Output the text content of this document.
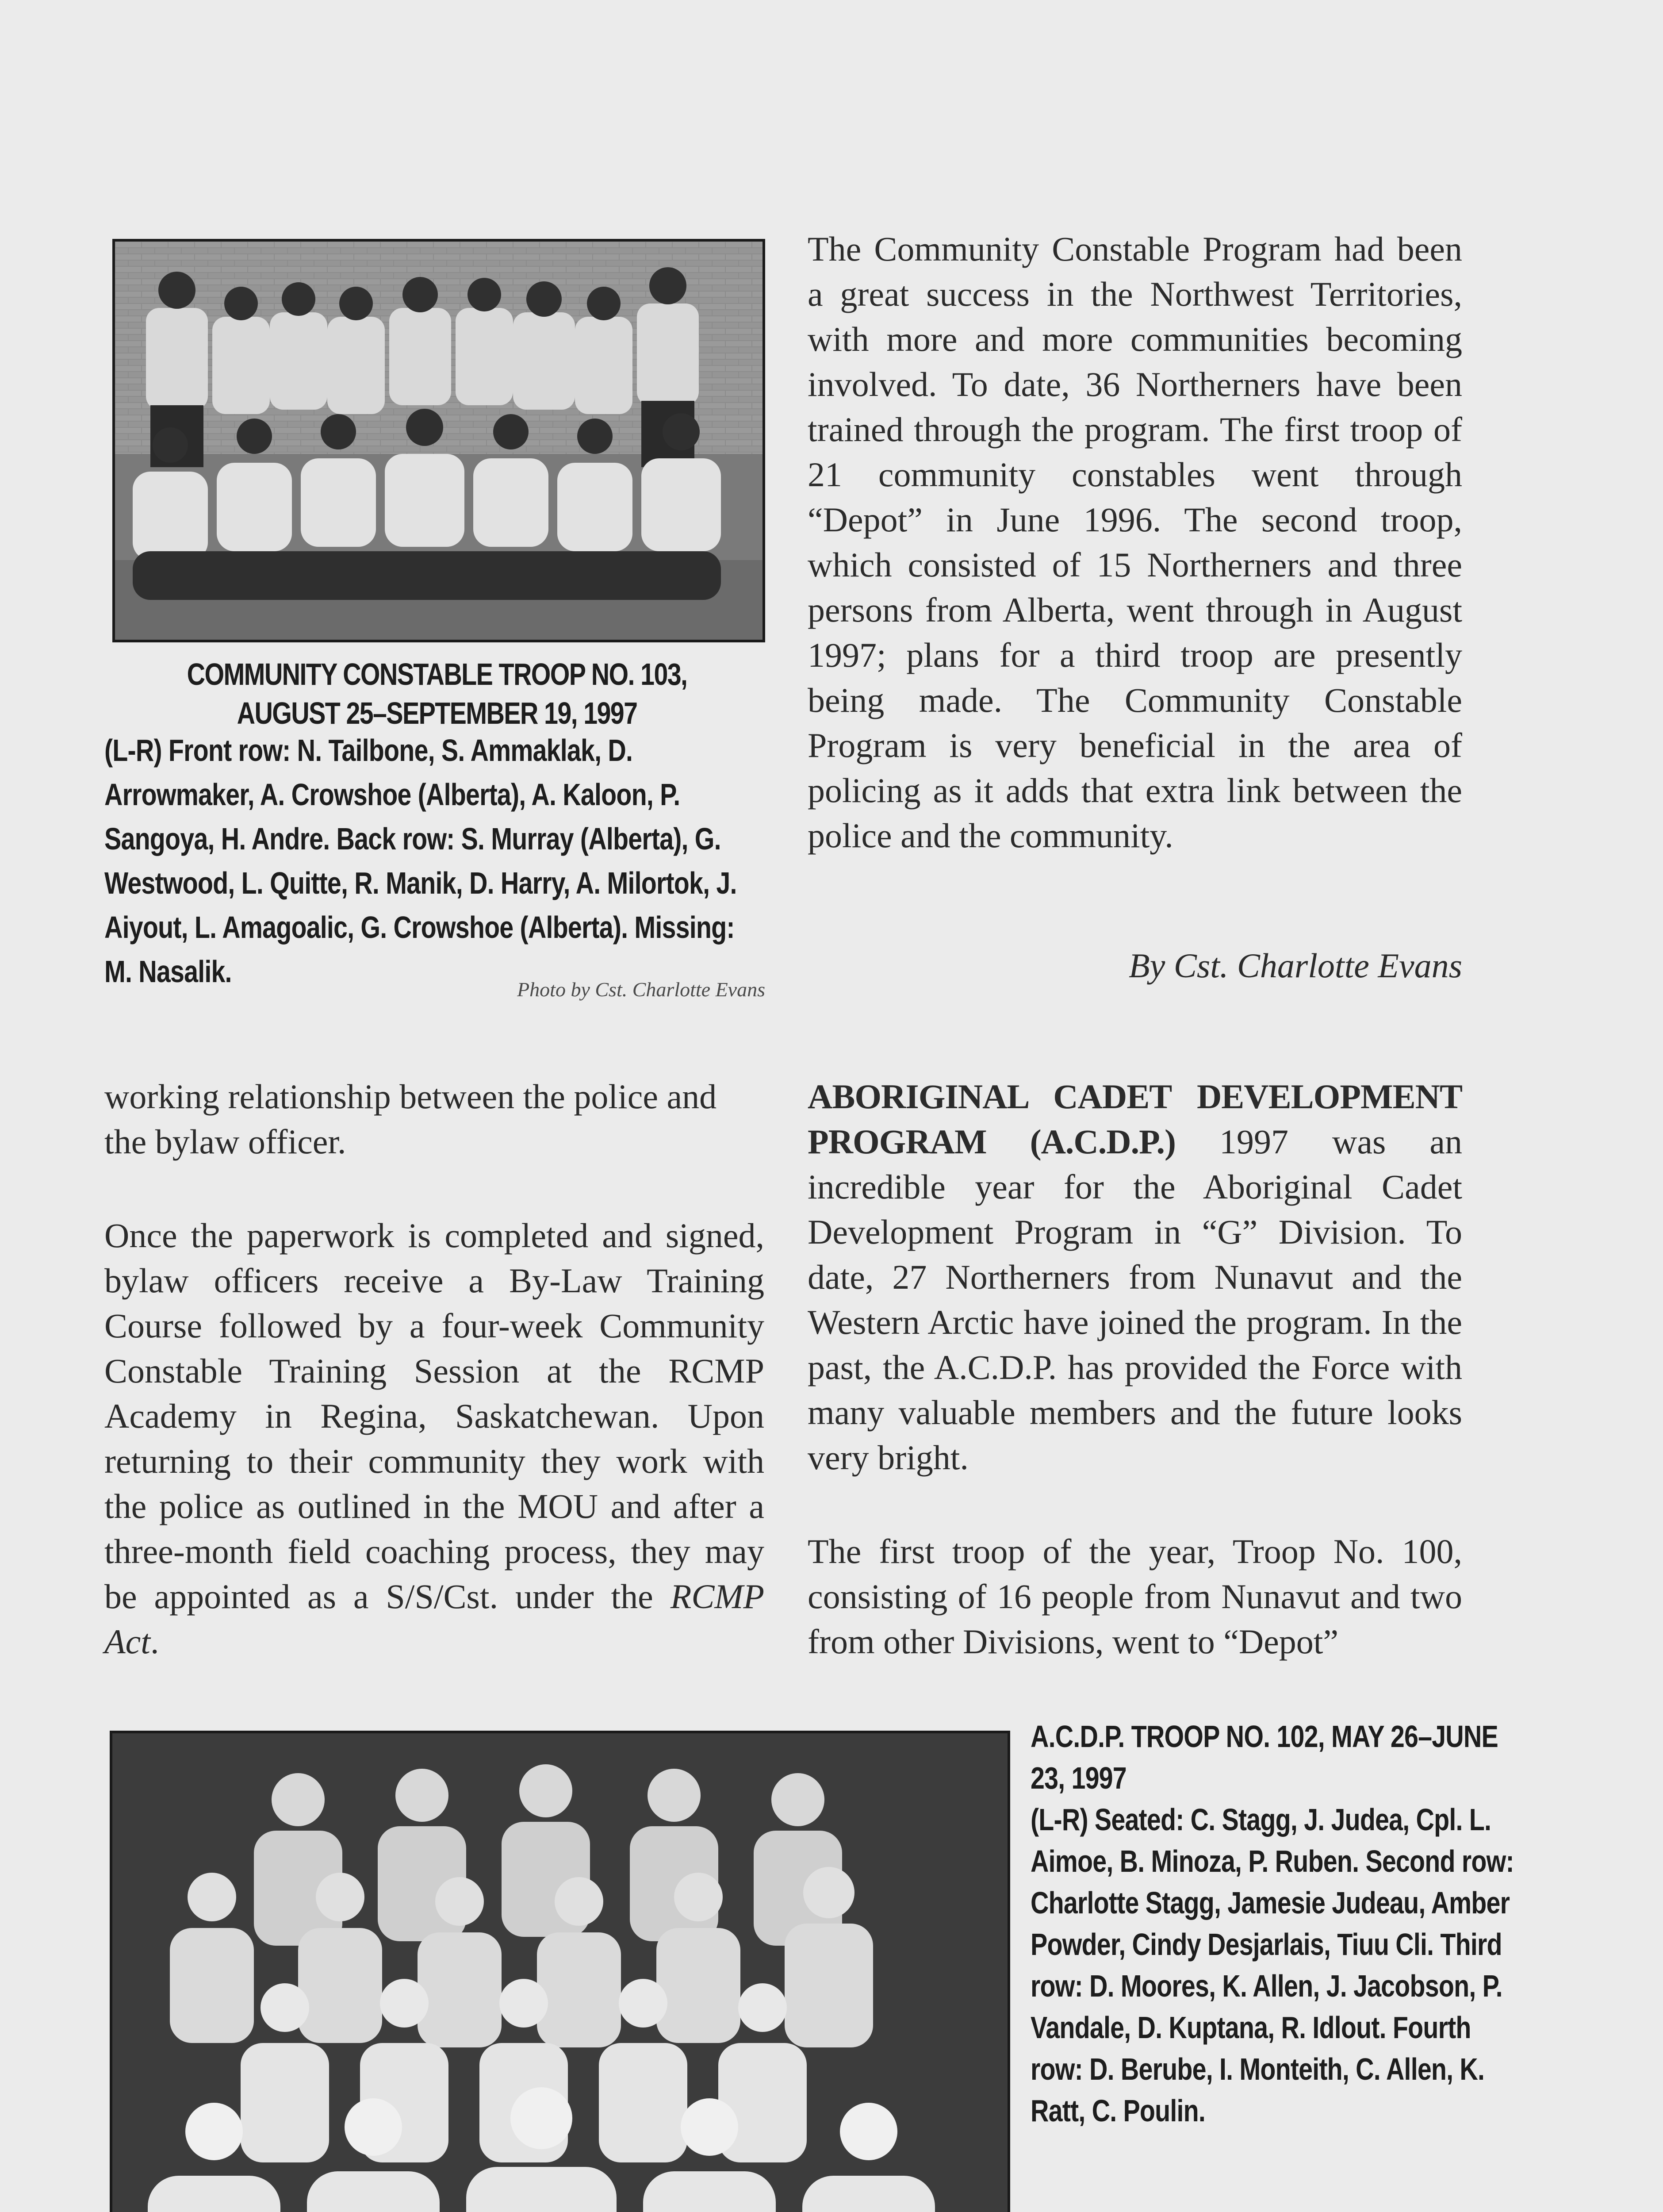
COMMUNITY CONSTABLE TROOP NO. 103, AUGUST 25–SEPTEMBER 19, 1997
(L-R) Front row: N. Tailbone, S. Ammaklak, D. Arrowmaker, A. Crowshoe (Alberta), A. Kaloon, P. Sangoya, H. Andre. Back row: S. Murray (Alberta), G. Westwood, L. Quitte, R. Manik, D. Harry, A. Milortok, J. Aiyout, L. Amagoalic, G. Crowshoe (Alberta). Missing: M. Nasalik.
Photo by Cst. Charlotte Evans

The Community Constable Program had been a great success in the Northwest Territories, with more and more communities becoming involved. To date, 36 Northerners have been trained through the program. The first troop of 21 community constables went through “Depot” in June 1996. The second troop, which consisted of 15 Northerners and three persons from Alberta, went through in August 1997; plans for a third troop are presently being made. The Community Constable Program is very beneficial in the area of policing as it adds that extra link between the police and the community.

By Cst. Charlotte Evans

ABORIGINAL CADET DEVELOPMENT PROGRAM (A.C.D.P.) 1997 was an incredible year for the Aboriginal Cadet Development Program in “G” Division. To date, 27 Northerners from Nunavut and the Western Arctic have joined the program. In the past, the A.C.D.P. has provided the Force with many valuable members and the future looks very bright.

The first troop of the year, Troop No. 100, consisting of 16 people from Nunavut and two from other Divisions, went to “Depot”

working relationship between the police and the bylaw officer.

Once the paperwork is completed and signed, bylaw officers receive a By-Law Training Course followed by a four-week Community Constable Training Session at the RCMP Academy in Regina, Saskatchewan. Upon returning to their community they work with the police as outlined in the MOU and after a three-month field coaching process, they may be appointed as a S/S/Cst. under the RCMP Act.

A.C.D.P. TROOP NO. 102, MAY 26–JUNE 23, 1997
(L-R) Seated: C. Stagg, J. Judea, Cpl. L. Aimoe, B. Minoza, P. Ruben. Second row: Charlotte Stagg, Jamesie Judeau, Amber Powder, Cindy Desjarlais, Tiuu Cli. Third row: D. Moores, K. Allen, J. Jacobson, P. Vandale, D. Kuptana, R. Idlout. Fourth row: D. Berube, I. Monteith, C. Allen, K. Ratt, C. Poulin.
